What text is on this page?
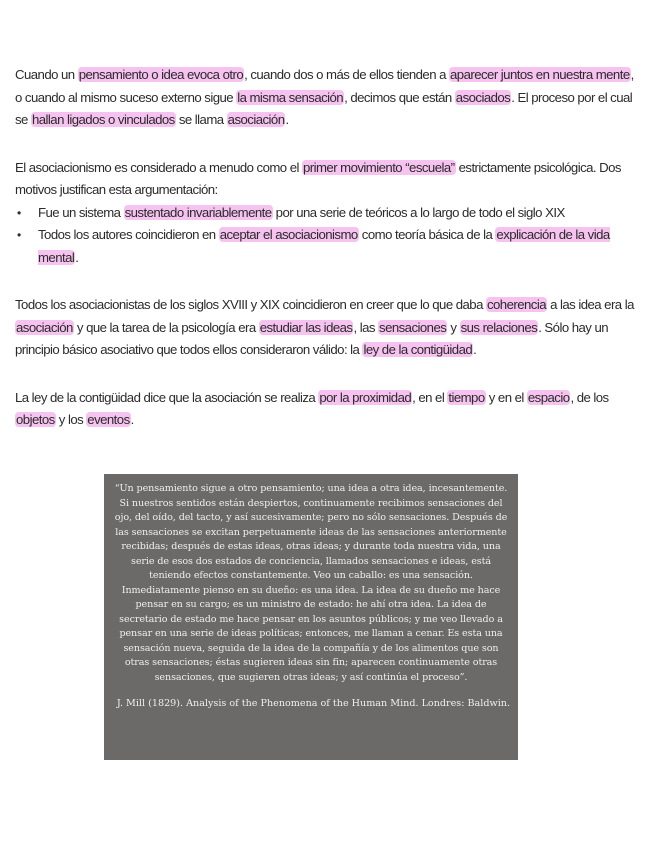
Cuando un pensamiento o idea evoca otro, cuando dos o más de ellos tienden a aparecer juntos en nuestra mente, o cuando al mismo suceso externo sigue la misma sensación, decimos que están asociados. El proceso por el cual se hallan ligados o vinculados se llama asociación.

El asociacionismo es considerado a menudo como el primer movimiento “escuela” estrictamente psicológica. Dos motivos justifican esta argumentación:

• Fue un sistema sustentado invariablemente por una serie de teóricos a lo largo de todo el siglo XIX
• Todos los autores coincidieron en aceptar el asociacionismo como teoría básica de la explicación de la vida mental.

Todos los asociacionistas de los siglos XVIII y XIX coincidieron en creer que lo que daba coherencia a las idea era la asociación y que la tarea de la psicología era estudiar las ideas, las sensaciones y sus relaciones. Sólo hay un principio básico asociativo que todos ellos consideraron válido: la ley de la contigüidad.

La ley de la contigüidad dice que la asociación se realiza por la proximidad, en el tiempo y en el espacio, de los objetos y los eventos.

“Un pensamiento sigue a otro pensamiento; una idea a otra idea, incesantemente. Si nuestros sentidos están despiertos, continuamente recibimos sensaciones del ojo, del oído, del tacto, y así sucesivamente; pero no sólo sensaciones. Después de las sensaciones se excitan perpetuamente ideas de las sensaciones anteriormente recibidas; después de estas ideas, otras ideas; y durante toda nuestra vida, una serie de esos dos estados de conciencia, llamados sensaciones e ideas, está teniendo efectos constantemente. Veo un caballo: es una sensación. Inmediatamente pienso en su dueño: es una idea. La idea de su dueño me hace pensar en su cargo; es un ministro de estado: he ahí otra idea. La idea de secretario de estado me hace pensar en los asuntos públicos; y me veo llevado a pensar en una serie de ideas políticas; entonces, me llaman a cenar. Es esta una sensación nueva, seguida de la idea de la compañía y de los alimentos que son otras sensaciones; éstas sugieren ideas sin fin; aparecen continuamente otras sensaciones, que sugieren otras ideas; y así continúa el proceso”.

J. Mill (1829). Analysis of the Phenomena of the Human Mind. Londres: Baldwin.
